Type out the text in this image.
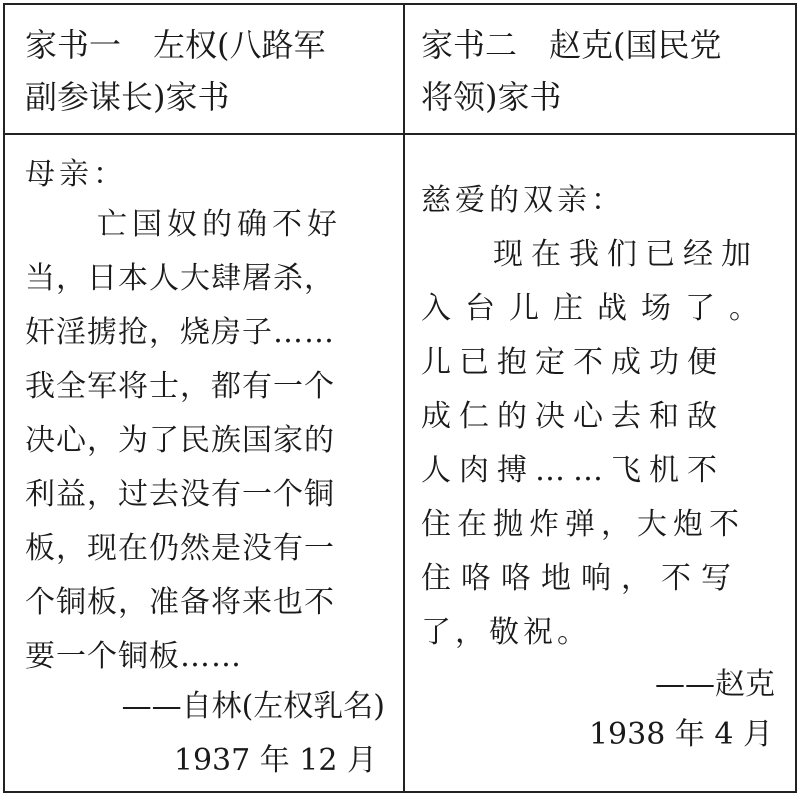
家书一　左权(八路军
副参谋长)家书

家书二　赵克(国民党
将领)家书

母亲：
亡国奴的确不好
当，日本人大肆屠杀，
奸淫掳抢，烧房子……
我全军将士，都有一个
决心，为了民族国家的
利益，过去没有一个铜
板，现在仍然是没有一
个铜板，准备将来也不
要一个铜板……
——自林(左权乳名)
1937 年 12 月
慈爱的双亲：
现在我们已经加
入台儿庄战场了。
儿已抱定不成功便
成仁的决心去和敌
人肉搏……飞机不
住在抛炸弹，大炮不
住咯咯地响，不写
了，敬祝。
——赵克
1938 年 4 月
